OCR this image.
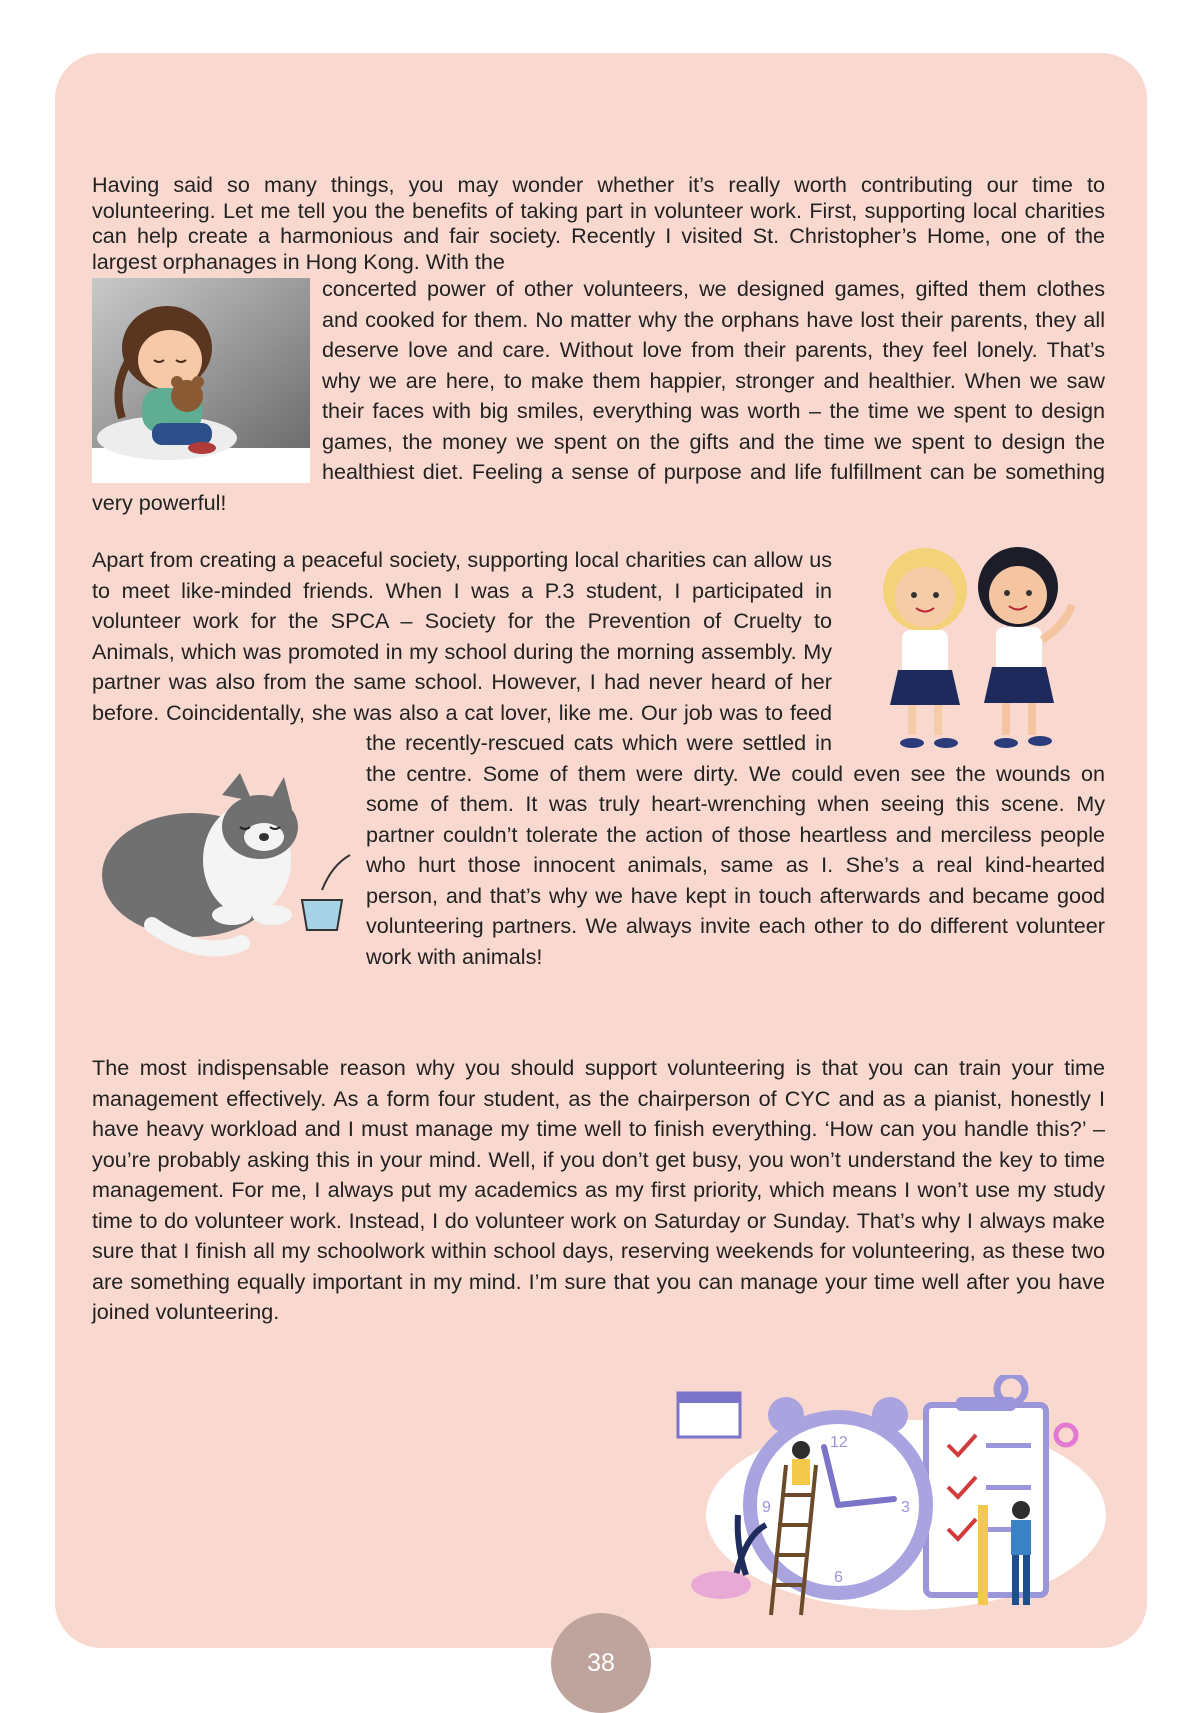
Having said so many things, you may wonder whether it’s really worth contributing our time to volunteering. Let me tell you the benefits of taking part in volunteer work. First, supporting local charities can help create a harmonious and fair society. Recently I visited St. Christopher’s Home, one of the largest orphanages in Hong Kong. With the

concerted power of other volunteers, we designed games, gifted them clothes and cooked for them. No matter why the orphans have lost their parents, they all deserve love and care. Without love from their parents, they feel lonely. That’s why we are here, to make them happier, stronger and healthier. When we saw their faces with big smiles, everything was worth – the time we spent to design games, the money we spent on the gifts and the time we spent to design the healthiest diet. Feeling a sense of purpose and life fulfillment can be something very powerful!

Apart from creating a peaceful society, supporting local charities can allow us to meet like-minded friends. When I was a P.3 student, I participated in volunteer work for the SPCA – Society for the Prevention of Cruelty to Animals, which was promoted in my school during the morning assembly. My partner was also from the same school. However, I had never heard of her before. Coincidentally, she was also a cat lover, like me. Our job was to feed the recently-rescued cats which were settled in the centre. Some of them were dirty. We could even see the wounds on some of them. It was truly heart-wrenching when seeing this scene. My partner couldn’t tolerate the action of those heartless and merciless people who hurt those innocent animals, same as I. She’s a real kind-hearted person, and that’s why we have kept in touch afterwards and became good volunteering partners. We always invite each other to do different volunteer work with animals!

The most indispensable reason why you should support volunteering is that you can train your time management effectively. As a form four student, as the chairperson of CYC and as a pianist, honestly I have heavy workload and I must manage my time well to finish everything. ‘How can you handle this?’ – you’re probably asking this in your mind. Well, if you don’t get busy, you won’t understand the key to time management. For me, I always put my academics as my first priority, which means I won’t use my study time to do volunteer work. Instead, I do volunteer work on Saturday or Sunday. That’s why I always make sure that I finish all my schoolwork within school days, reserving weekends for volunteering, as these two are something equally important in my mind. I’m sure that you can manage your time well after you have joined volunteering.

12
3
6
9
38
